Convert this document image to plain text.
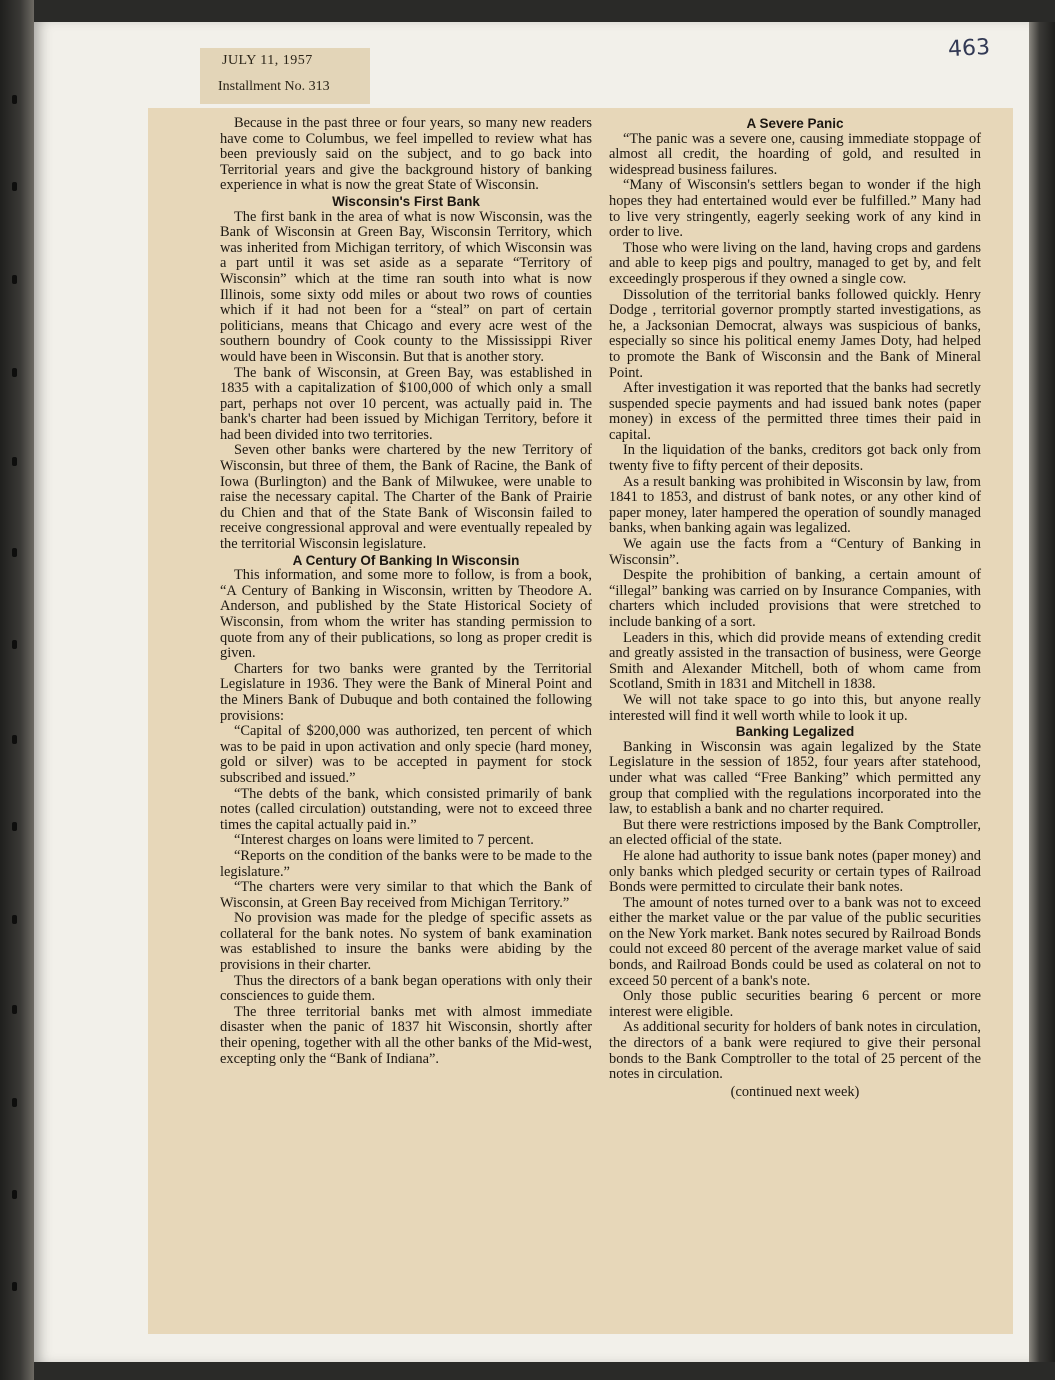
463
JULY 11, 1957
Installment No. 313

Because in the past three or four years, so many new readers have come to Columbus, we feel impelled to review what has been previously said on the subject, and to go back into Territorial years and give the background history of banking experience in what is now the great State of Wisconsin.

Wisconsin's First Bank

The first bank in the area of what is now Wisconsin, was the Bank of Wisconsin at Green Bay, Wisconsin Territory, which was inherited from Michigan territory, of which Wisconsin was a part until it was set aside as a separate “Territory of Wisconsin” which at the time ran south into what is now Illinois, some sixty odd miles or about two rows of counties which if it had not been for a “steal” on part of certain politicians, means that Chicago and every acre west of the southern boundry of Cook county to the Mississippi River would have been in Wisconsin. But that is another story.

The bank of Wisconsin, at Green Bay, was established in 1835 with a capitalization of $100,000 of which only a small part, perhaps not over 10 percent, was actually paid in. The bank's charter had been issued by Michigan Territory, before it had been divided into two territories.

Seven other banks were chartered by the new Territory of Wisconsin, but three of them, the Bank of Racine, the Bank of Iowa (Burlington) and the Bank of Milwukee, were unable to raise the necessary capital. The Charter of the Bank of Prairie du Chien and that of the State Bank of Wisconsin failed to receive congressional approval and were eventually repealed by the territorial Wisconsin legislature.

A Century Of Banking In Wisconsin

This information, and some more to follow, is from a book, “A Century of Banking in Wisconsin, written by Theodore A. Anderson, and published by the State Historical Society of Wisconsin, from whom the writer has standing permission to quote from any of their publications, so long as proper credit is given.

Charters for two banks were granted by the Territorial Legislature in 1936. They were the Bank of Mineral Point and the Miners Bank of Dubuque and both contained the following provisions:

“Capital of $200,000 was authorized, ten percent of which was to be paid in upon activation and only specie (hard money, gold or silver) was to be accepted in payment for stock subscribed and issued.”

“The debts of the bank, which consisted primarily of bank notes (called circulation) outstanding, were not to exceed three times the capital actually paid in.”

“Interest charges on loans were limited to 7 percent.

“Reports on the condition of the banks were to be made to the legislature.”

“The charters were very similar to that which the Bank of Wisconsin, at Green Bay received from Michigan Territory.”

No provision was made for the pledge of specific assets as collateral for the bank notes. No system of bank examination was established to insure the banks were abiding by the provisions in their charter.

Thus the directors of a bank began operations with only their consciences to guide them.

The three territorial banks met with almost immediate disaster when the panic of 1837 hit Wisconsin, shortly after their opening, together with all the other banks of the Mid-west, excepting only the “Bank of Indiana”.

A Severe Panic

“The panic was a severe one, causing immediate stoppage of almost all credit, the hoarding of gold, and resulted in widespread business failures.

“Many of Wisconsin's settlers began to wonder if the high hopes they had entertained would ever be fulfilled.” Many had to live very stringently, eagerly seeking work of any kind in order to live.

Those who were living on the land, having crops and gardens and able to keep pigs and poultry, managed to get by, and felt exceedingly prosperous if they owned a single cow.

Dissolution of the territorial banks followed quickly. Henry Dodge , territorial governor promptly started investigations, as he, a Jacksonian Democrat, always was suspicious of banks, especially so since his political enemy James Doty, had helped to promote the Bank of Wisconsin and the Bank of Mineral Point.

After investigation it was reported that the banks had secretly suspended specie payments and had issued bank notes (paper money) in excess of the permitted three times their paid in capital.

In the liquidation of the banks, creditors got back only from twenty five to fifty percent of their deposits.

As a result banking was prohibited in Wisconsin by law, from 1841 to 1853, and distrust of bank notes, or any other kind of paper money, later hampered the operation of soundly managed banks, when banking again was legalized.

We again use the facts from a “Century of Banking in Wisconsin”.

Despite the prohibition of banking, a certain amount of “illegal” banking was carried on by Insurance Companies, with charters which included provisions that were stretched to include banking of a sort.

Leaders in this, which did provide means of extending credit and greatly assisted in the transaction of business, were George Smith and Alexander Mitchell, both of whom came from Scotland, Smith in 1831 and Mitchell in 1838.

We will not take space to go into this, but anyone really interested will find it well worth while to look it up.

Banking Legalized

Banking in Wisconsin was again legalized by the State Legislature in the session of 1852, four years after statehood, under what was called “Free Banking” which permitted any group that complied with the regulations incorporated into the law, to establish a bank and no charter required.

But there were restrictions imposed by the Bank Comptroller, an elected official of the state.

He alone had authority to issue bank notes (paper money) and only banks which pledged security or certain types of Railroad Bonds were permitted to circulate their bank notes.

The amount of notes turned over to a bank was not to exceed either the market value or the par value of the public securities on the New York market. Bank notes secured by Railroad Bonds could not exceed 80 percent of the average market value of said bonds, and Railroad Bonds could be used as colateral on not to exceed 50 percent of a bank's note.

Only those public securities bearing 6 percent or more interest were eligible.

As additional security for holders of bank notes in circulation, the directors of a bank were reqiured to give their personal bonds to the Bank Comptroller to the total of 25 percent of the notes in circulation.

(continued next week)
